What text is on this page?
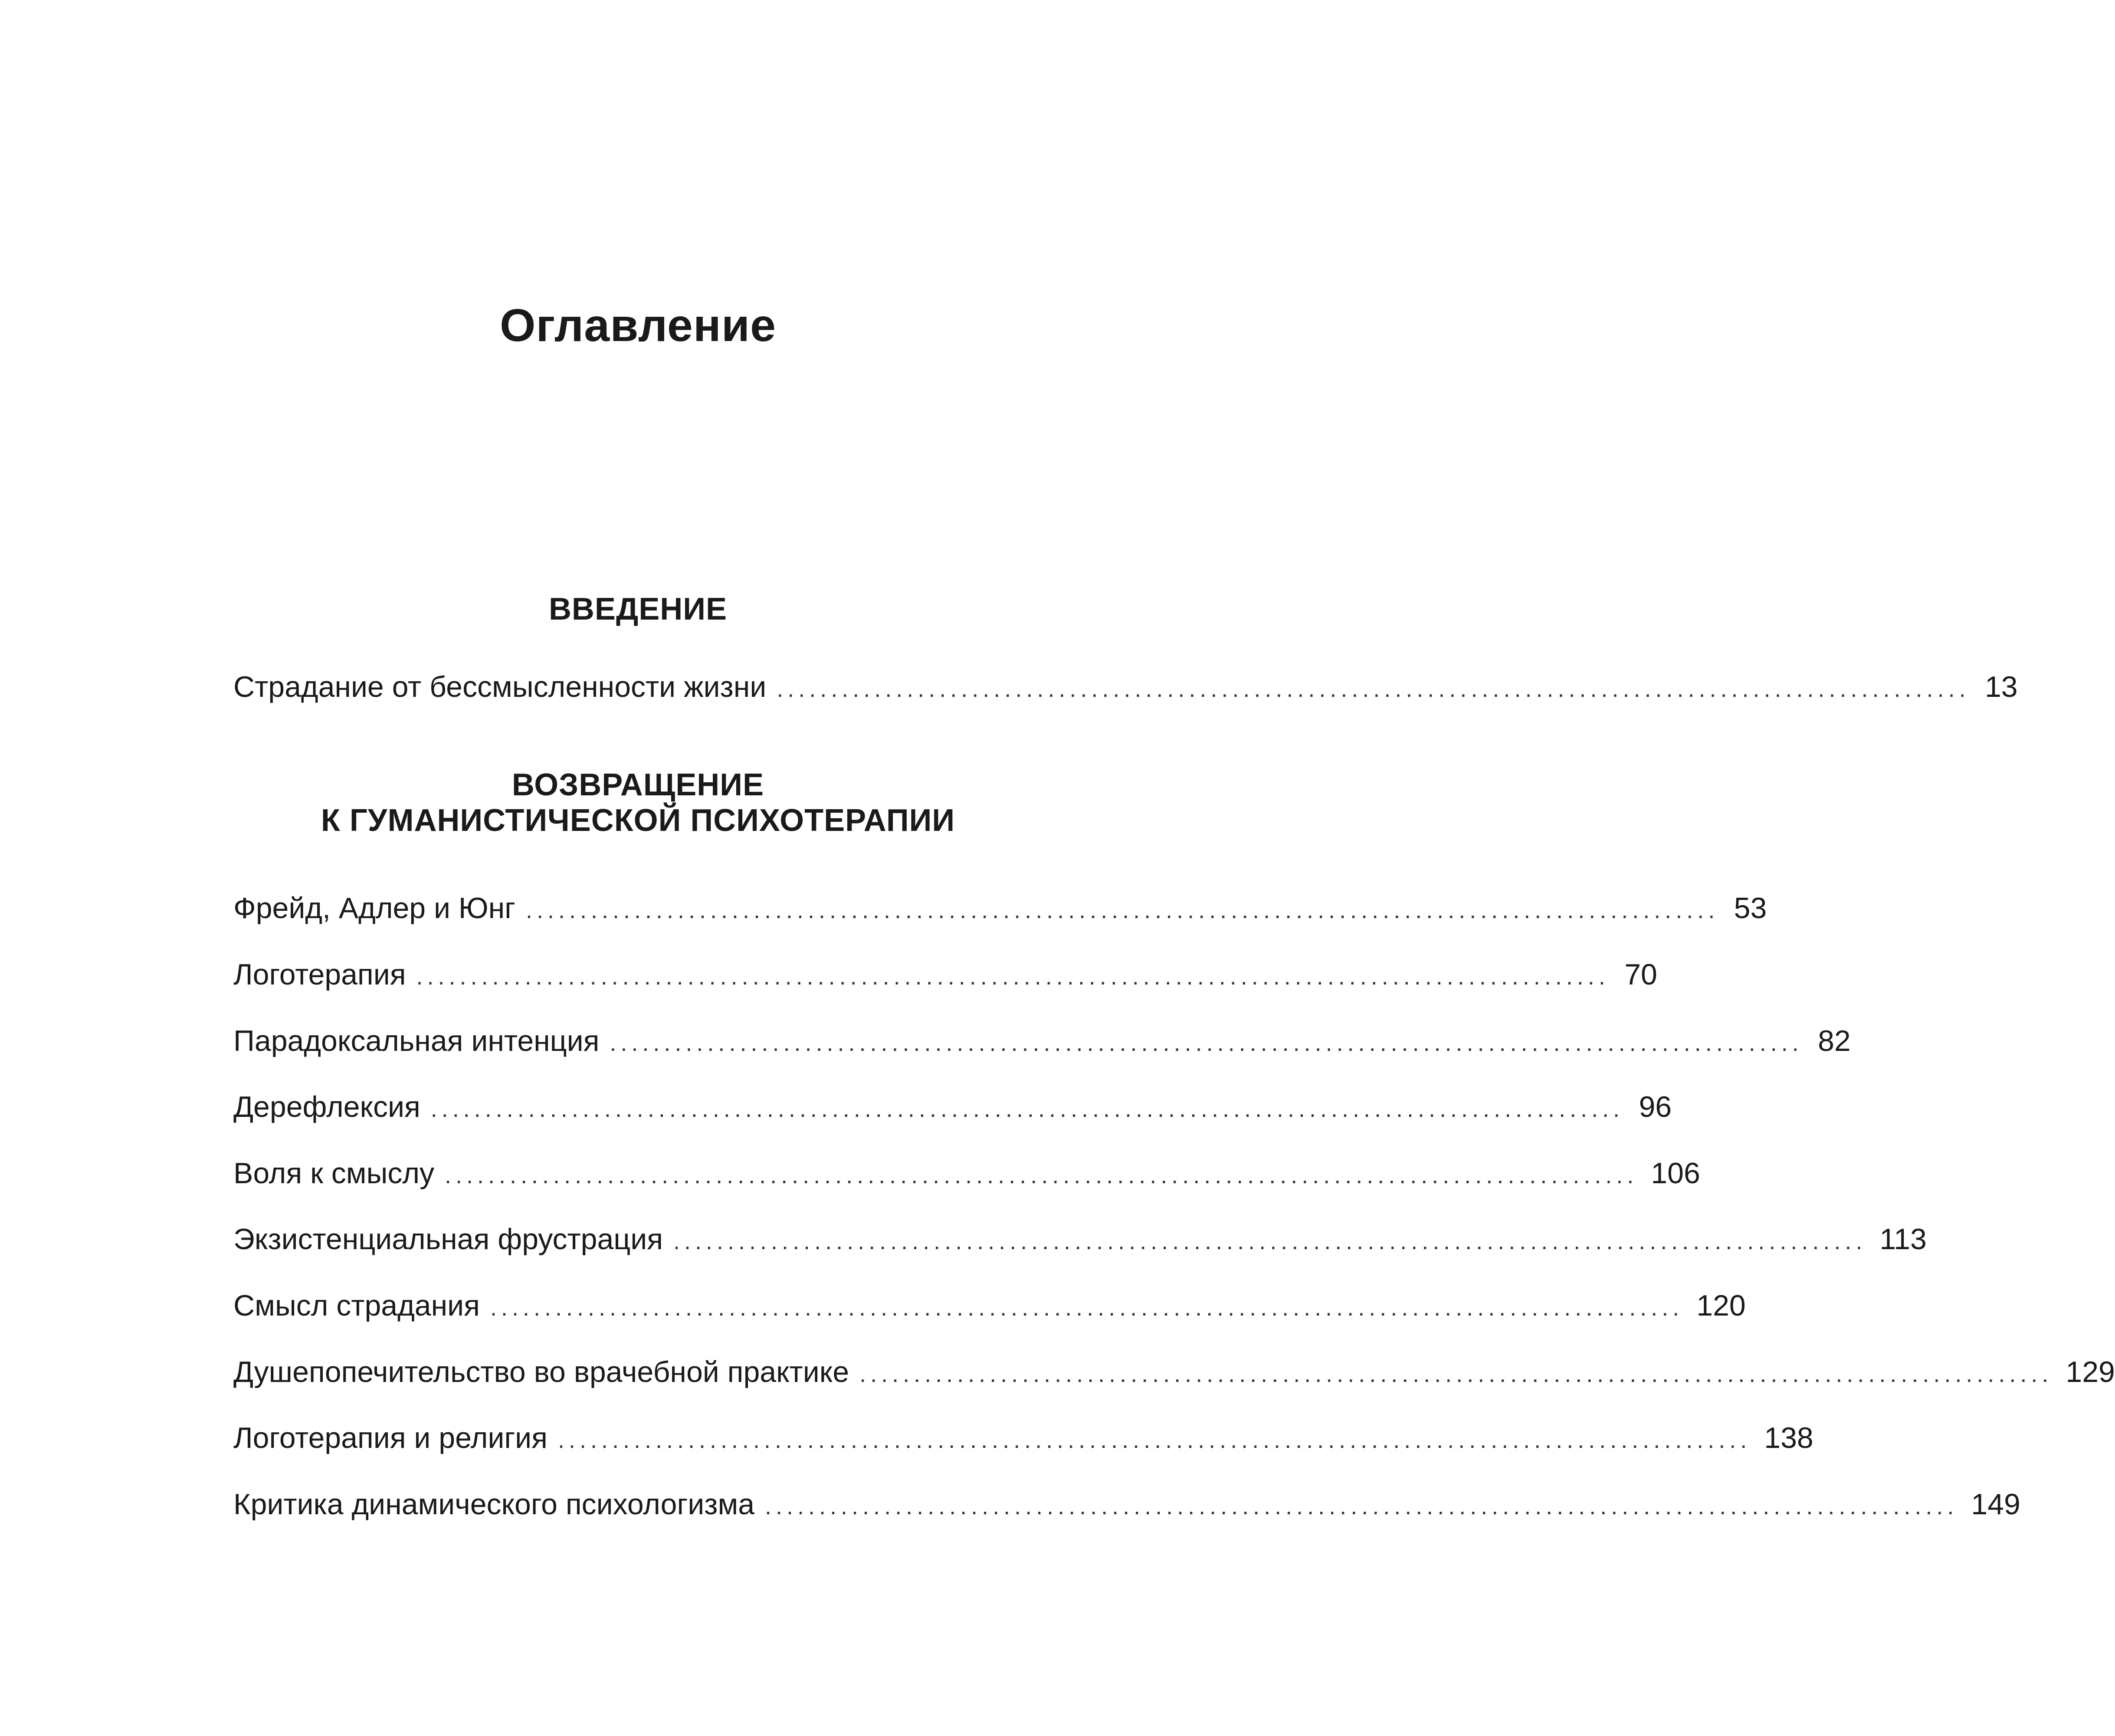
Оглавление
ВВЕДЕНИЕ
Страдание от бессмысленности жизни .............................................................................................................. 13
ВОЗВРАЩЕНИЕ
К ГУМАНИСТИЧЕСКОЙ ПСИХОТЕРАПИИ
Фрейд, Адлер и Юнг .............................................................................................................. 53
Логотерапия .............................................................................................................. 70
Парадоксальная интенция .............................................................................................................. 82
Дерефлексия .............................................................................................................. 96
Воля к смыслу .............................................................................................................. 106
Экзистенциальная фрустрация .............................................................................................................. 113
Смысл страдания .............................................................................................................. 120
Душепопечительство во врачебной практике .............................................................................................................. 129
Логотерапия и религия .............................................................................................................. 138
Критика динамического психологизма .............................................................................................................. 149
